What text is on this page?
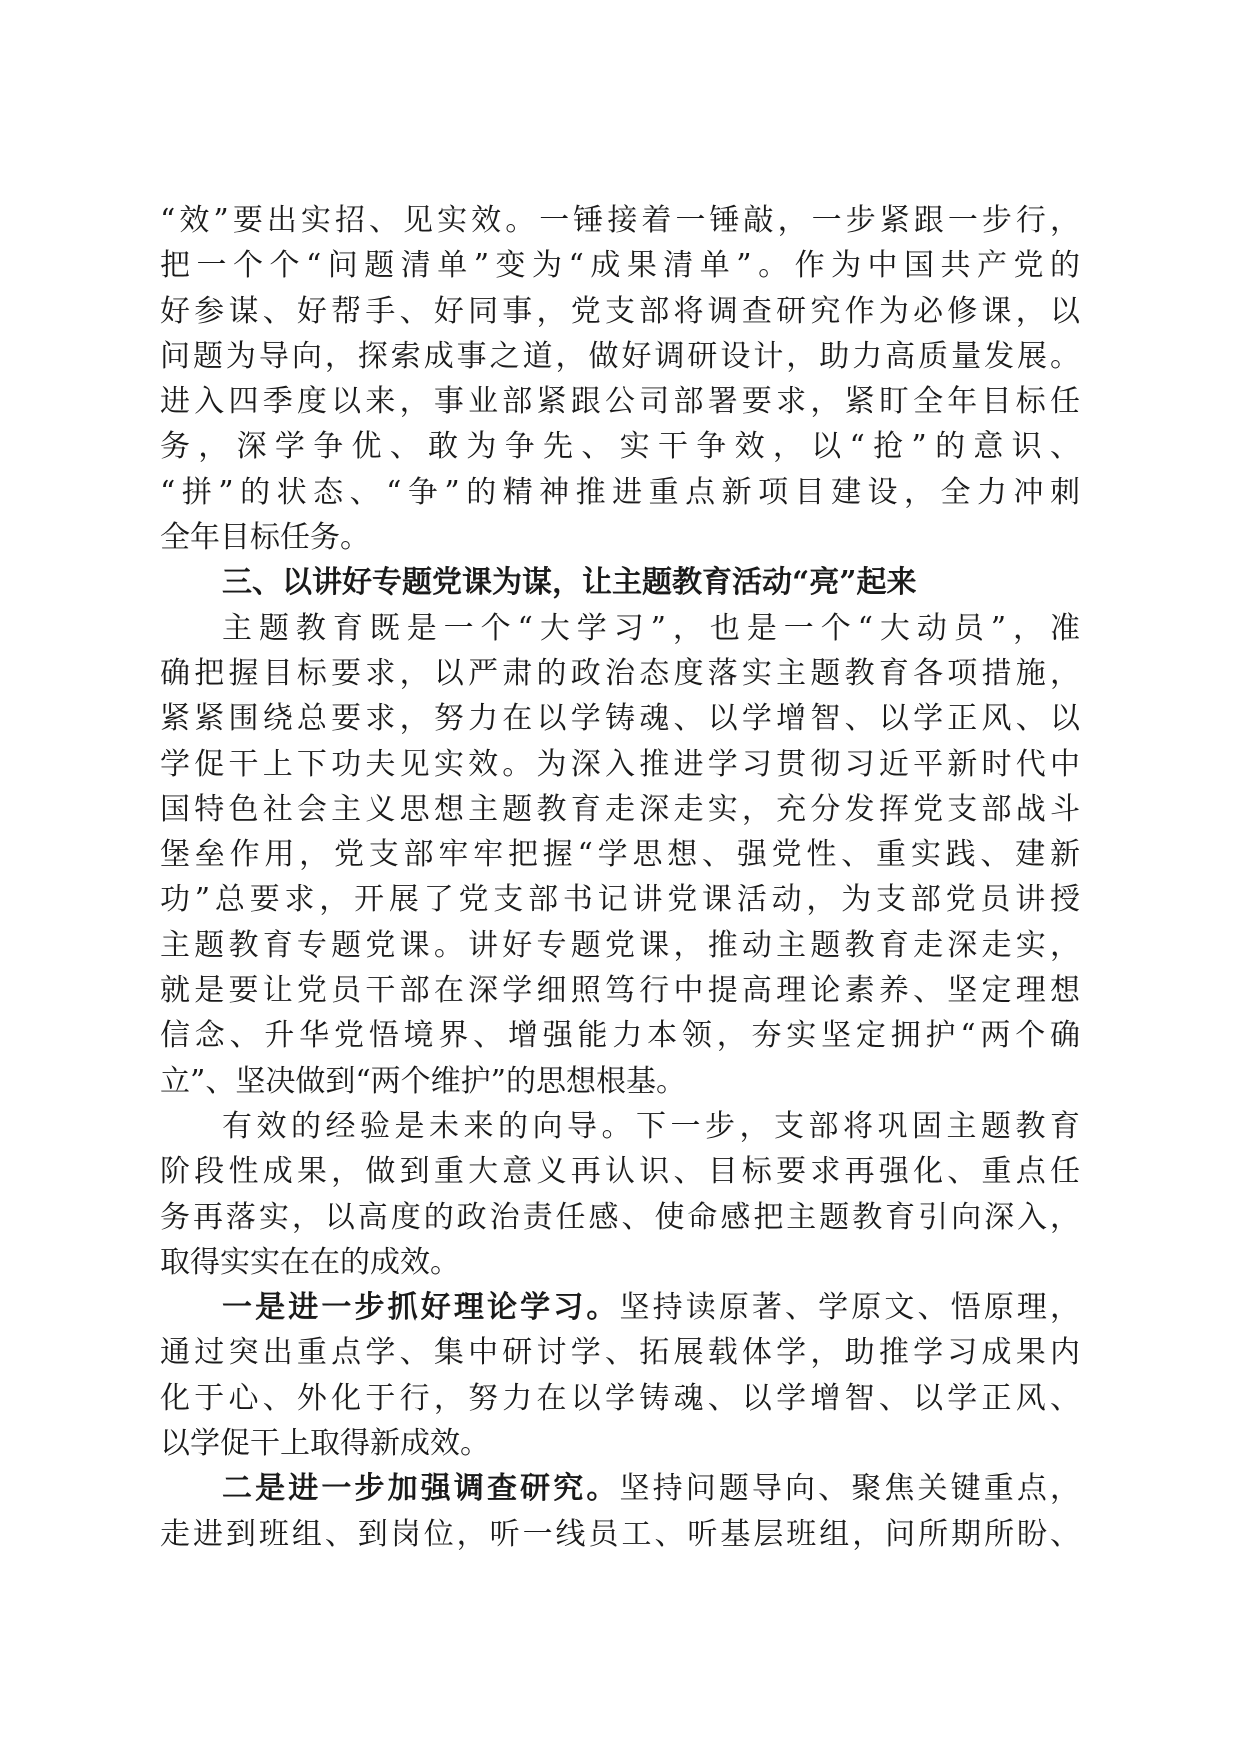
“效”要出实招、见实效。一锤接着一锤敲，一步紧跟一步行，
把一个个“问题清单”变为“成果清单”。作为中国共产党的
好参谋、好帮手、好同事，党支部将调查研究作为必修课，以
问题为导向，探索成事之道，做好调研设计，助力高质量发展。
进入四季度以来，事业部紧跟公司部署要求，紧盯全年目标任
务，深学争优、敢为争先、实干争效，以“抢”的意识、
“拼”的状态、“争”的精神推进重点新项目建设，全力冲刺
全年目标任务。
三、以讲好专题党课为谋，让主题教育活动“亮”起来
主题教育既是一个“大学习”，也是一个“大动员”，准
确把握目标要求，以严肃的政治态度落实主题教育各项措施，
紧紧围绕总要求，努力在以学铸魂、以学增智、以学正风、以
学促干上下功夫见实效。为深入推进学习贯彻习近平新时代中
国特色社会主义思想主题教育走深走实，充分发挥党支部战斗
堡垒作用，党支部牢牢把握“学思想、强党性、重实践、建新
功”总要求，开展了党支部书记讲党课活动，为支部党员讲授
主题教育专题党课。讲好专题党课，推动主题教育走深走实，
就是要让党员干部在深学细照笃行中提高理论素养、坚定理想
信念、升华党悟境界、增强能力本领，夯实坚定拥护“两个确
立”、坚决做到“两个维护”的思想根基。
有效的经验是未来的向导。下一步，支部将巩固主题教育
阶段性成果，做到重大意义再认识、目标要求再强化、重点任
务再落实，以高度的政治责任感、使命感把主题教育引向深入，
取得实实在在的成效。
一是进一步抓好理论学习。坚持读原著、学原文、悟原理，
通过突出重点学、集中研讨学、拓展载体学，助推学习成果内
化于心、外化于行，努力在以学铸魂、以学增智、以学正风、
以学促干上取得新成效。
二是进一步加强调查研究。坚持问题导向、聚焦关键重点，
走进到班组、到岗位，听一线员工、听基层班组，问所期所盼、
